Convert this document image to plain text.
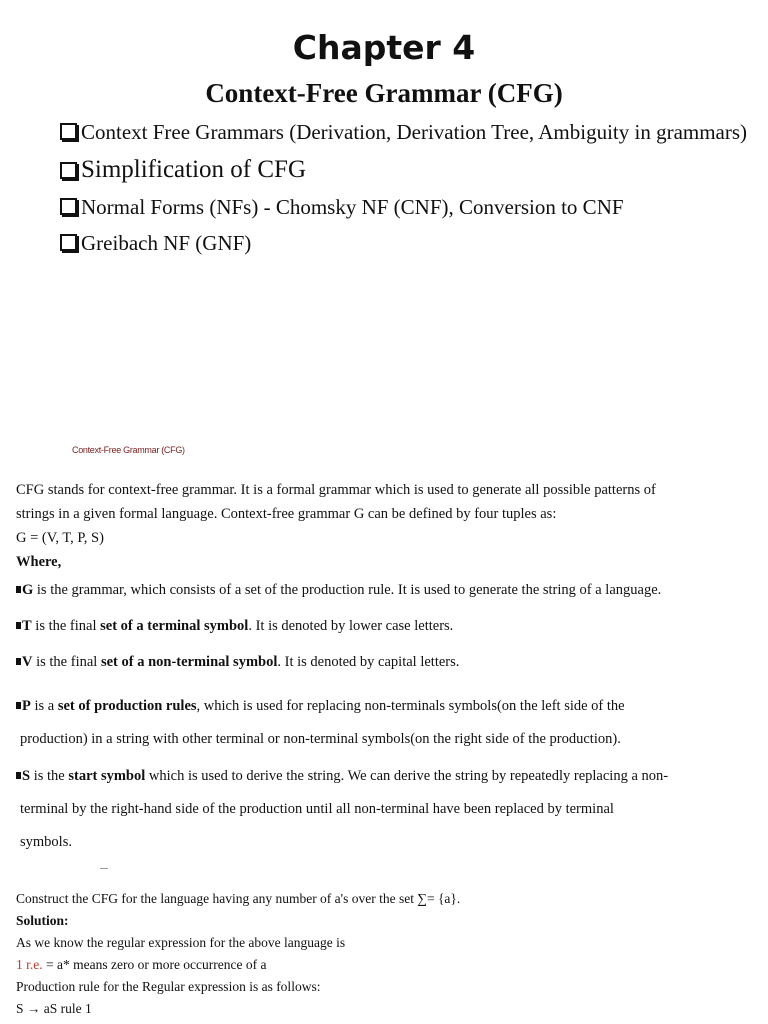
Chapter 4
Context-Free Grammar (CFG)
Context Free Grammars (Derivation, Derivation Tree, Ambiguity in grammars)
Simplification of CFG
Normal Forms (NFs) - Chomsky NF (CNF), Conversion to CNF
Greibach NF (GNF)
Context-Free Grammar (CFG)
CFG stands for context-free grammar. It is a formal grammar which is used to generate all possible patterns of
strings in a given formal language. Context-free grammar G can be defined by four tuples as:
G = (V, T, P, S)
Where,
G is the grammar, which consists of a set of the production rule. It is used to generate the string of a language.
T is the final set of a terminal symbol. It is denoted by lower case letters.
V is the final set of a non-terminal symbol. It is denoted by capital letters.
P is a set of production rules, which is used for replacing non-terminals symbols(on the left side of the
production) in a string with other terminal or non-terminal symbols(on the right side of the production).
S is the start symbol which is used to derive the string. We can derive the string by repeatedly replacing a non-
terminal by the right-hand side of the production until all non-terminal have been replaced by terminal
symbols.
Construct the CFG for the language having any number of a's over the set ∑= {a}.
Solution:
As we know the regular expression for the above language is
1 r.e. = a* means zero or more occurrence of a
Production rule for the Regular expression is as follows:
S → aS rule 1
